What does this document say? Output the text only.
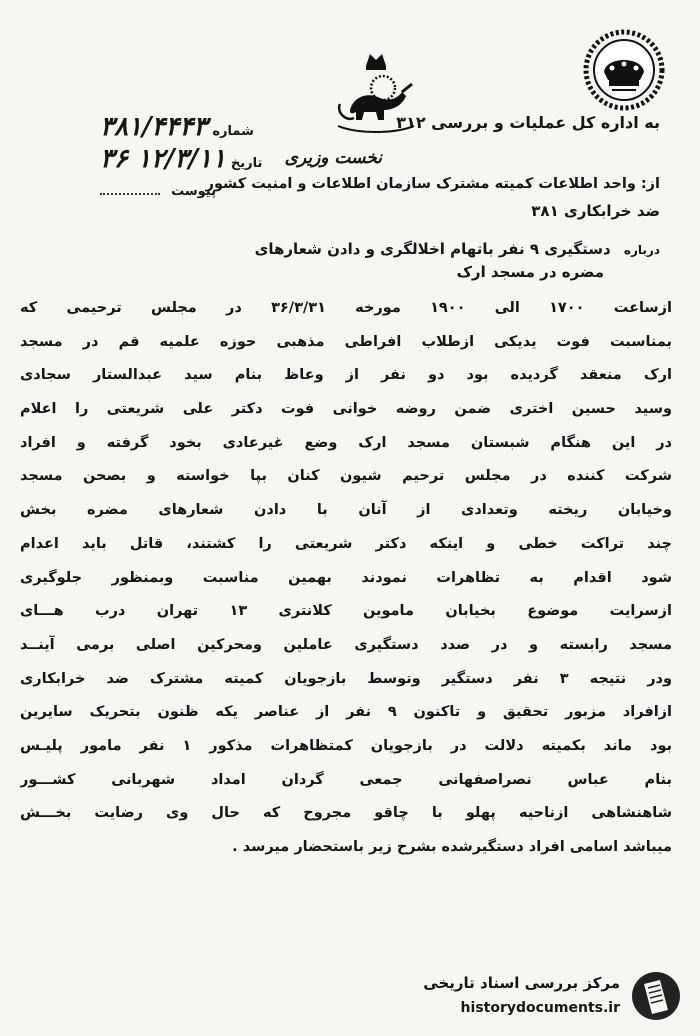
به اداره کل عملیات و بررسی ۳۱۲
نخست وزیری
از: واحد اطلاعات کمیته مشترک سازمان اطلاعات و امنیت کشور
ضد خرابکاری ۳۸۱
شماره ۳۸۱/۴۴۴۳
تاریخ ۱۲/۳/۱۱ ۳۶
پیوست
درباره دستگیری ۹ نفر باتهام اخلالگری و دادن شعارهای
مضره در مسجد ارک
ازساعت ۱۷۰۰ الی ۱۹۰۰ مورخه ۳۶/۳/۳۱ در مجلس ترحیمی که
بمناسبت فوت یدیکی ازطلاب افراطی مذهبی حوزه علمیه قم در مسجد
ارک منعقد گردیده بود دو نفر از وعاظ بنام سید عبدالستار سجادی
وسید حسین اختری ضمن روضه خوانی فوت دکتر علی شریعتی را اعلام
در این هنگام شبستان مسجد ارک وضع غیرعادی بخود گرفته و افراد
شرکت کننده در مجلس ترحیم شیون کنان بپا خواسته و بصحن مسجد
وخیابان ریخته وتعدادی از آنان با دادن شعارهای مضره بخش
چند تراکت خطی و اینکه دکتر شریعتی را کشتند، قاتل باید اعدام
شود اقدام به تظاهرات نمودند بهمین مناسبت وبمنظور جلوگیری
ازسرایت موضوع بخیابان ماموین کلانتری ۱۳ تهران درب هـــای
مسجد رابسته و در صدد دستگیری عاملین ومحرکین اصلی برمی آینــد
ودر نتیجه ۳ نفر دستگیر وتوسط بازجویان کمیته مشترک ضد خرابکاری
ازافراد مزبور تحقیق و تاکنون ۹ نفر از عناصر یکه ظنون بتحریک سایرین
بود ماند بکمیته دلالت در بازجویان کمتظاهرات مذکور ۱ نفر مامور پلیـس
بنام عباس نصراصفهانی جمعی گردان امداد شهربانی کشـــور
شاهنشاهی ازناحیه پهلو با چاقو مجروح که حال وی رضایت بخـــش
میباشد اسامی افراد دستگیرشده بشرح زیر باستحضار میرسد .
مرکز بررسی اسناد تاریخی
historydocuments.ir
